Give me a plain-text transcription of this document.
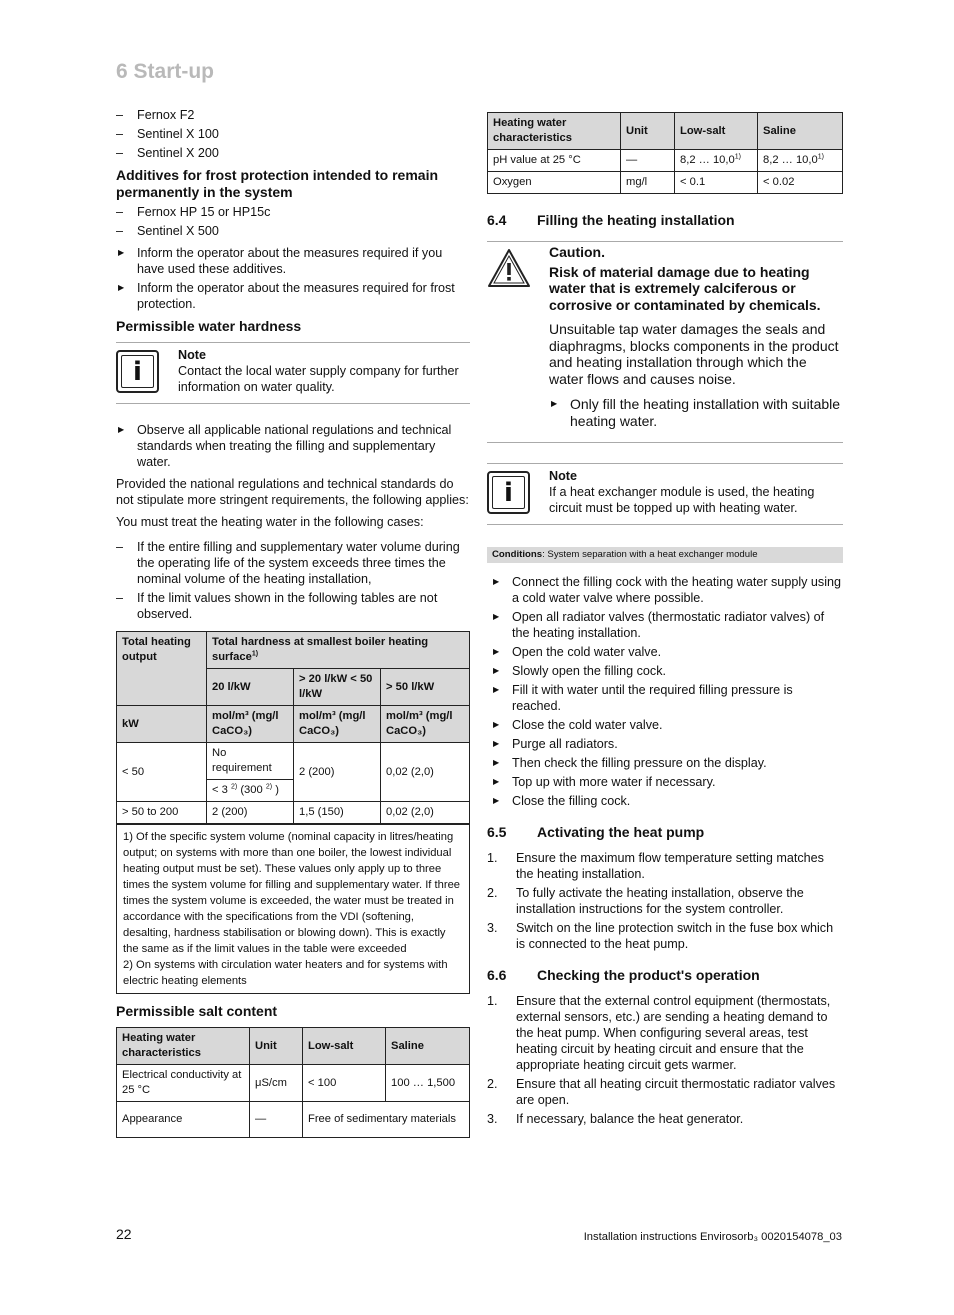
6 Start-up
– Fernox F2
– Sentinel X 100
– Sentinel X 200
Additives for frost protection intended to remain permanently in the system
– Fernox HP 15 or HP15c
– Sentinel X 500
▶ Inform the operator about the measures required if you have used these additives.
▶ Inform the operator about the measures required for frost protection.
Permissible water hardness
i
Note
Contact the local water supply company for further information on water quality.
▶ Observe all applicable national regulations and technical standards when treating the filling and supplementary water.

Provided the national regulations and technical standards do not stipulate more stringent requirements, the following applies:

You must treat the heating water in the following cases:

– If the entire filling and supplementary water volume during the operating life of the system exceeds three times the nominal volume of the heating installation,
– If the limit values shown in the following tables are not observed.
Total heating output	Total hardness at smallest boiler heating surface$^{1)}$
	20 l/kW	> 20 l/kW < 50 l/kW	> 50 l/kW
kW	mol/m³ (mg/l CaCO₃)	mol/m³ (mg/l CaCO₃)	mol/m³ (mg/l CaCO₃)
< 50	No requirement	2 (200)	0,02 (2,0)
	< 3 $^{2)}$ (300 $^{2)}$ )		
> 50 to 200	2 (200)	1,5 (150)	0,02 (2,0)

1) Of the specific system volume (nominal capacity in litres/heating output; on systems with more than one boiler, the lowest individual heating output must be set). These values only apply up to three times the system volume for filling and supplementary water. If three times the system volume is exceeded, the water must be treated in accordance with the specifications from the VDI (softening, desalting, hardness stabilisation or blowing down). This is exactly the same as if the limit values in the table were exceeded
2) On systems with circulation water heaters and for systems with electric heating elements			
Permissible salt content
Heating water characteristics	Unit	Low-salt	Saline
Electrical conductivity at 25 °C	μS/cm	< 100	100 … 1,500
Appearance	—	Free of sedimentary materials	
Heating water characteristics	Unit	Low-salt	Saline
pH value at 25 °C	—	8,2 … 10,0$^{1)}$	8,2 … 10,0$^{1)}$
Oxygen	mg/l	< 0.1	< 0.02
6.4	Filling the heating installation
Caution.
Risk of material damage due to heating water that is extremely calciferous or corrosive or contaminated by chemicals.
Unsuitable tap water damages the seals and diaphragms, blocks components in the product and heating installation through which the water flows and causes noise.
▶ Only fill the heating installation with suitable heating water.
i
Note
If a heat exchanger module is used, the heating circuit must be topped up with heating water.
Conditions: System separation with a heat exchanger module
▶ Connect the filling cock with the heating water supply using a cold water valve where possible.
▶ Open all radiator valves (thermostatic radiator valves) of the heating installation.
▶ Open the cold water valve.
▶ Slowly open the filling cock.
▶ Fill it with water until the required filling pressure is reached.
▶ Close the cold water valve.
▶ Purge all radiators.
▶ Then check the filling pressure on the display.
▶ Top up with more water if necessary.
▶ Close the filling cock.
6.5	Activating the heat pump
1. Ensure the maximum flow temperature setting matches the heating installation.
2. To fully activate the heating installation, observe the installation instructions for the system controller.
3. Switch on the line protection switch in the fuse box which is connected to the heat pump.
6.6	Checking the product's operation
1. Ensure that the external control equipment (thermostats, external sensors, etc.) are sending a heating demand to the heat pump. When configuring several areas, test heating circuit by heating circuit and ensure that the appropriate heating circuit gets warmer.
2. Ensure that all heating circuit thermostatic radiator valves are open.
3. If necessary, balance the heat generator.
22	Installation instructions Envirosorb₃ 0020154078_03
